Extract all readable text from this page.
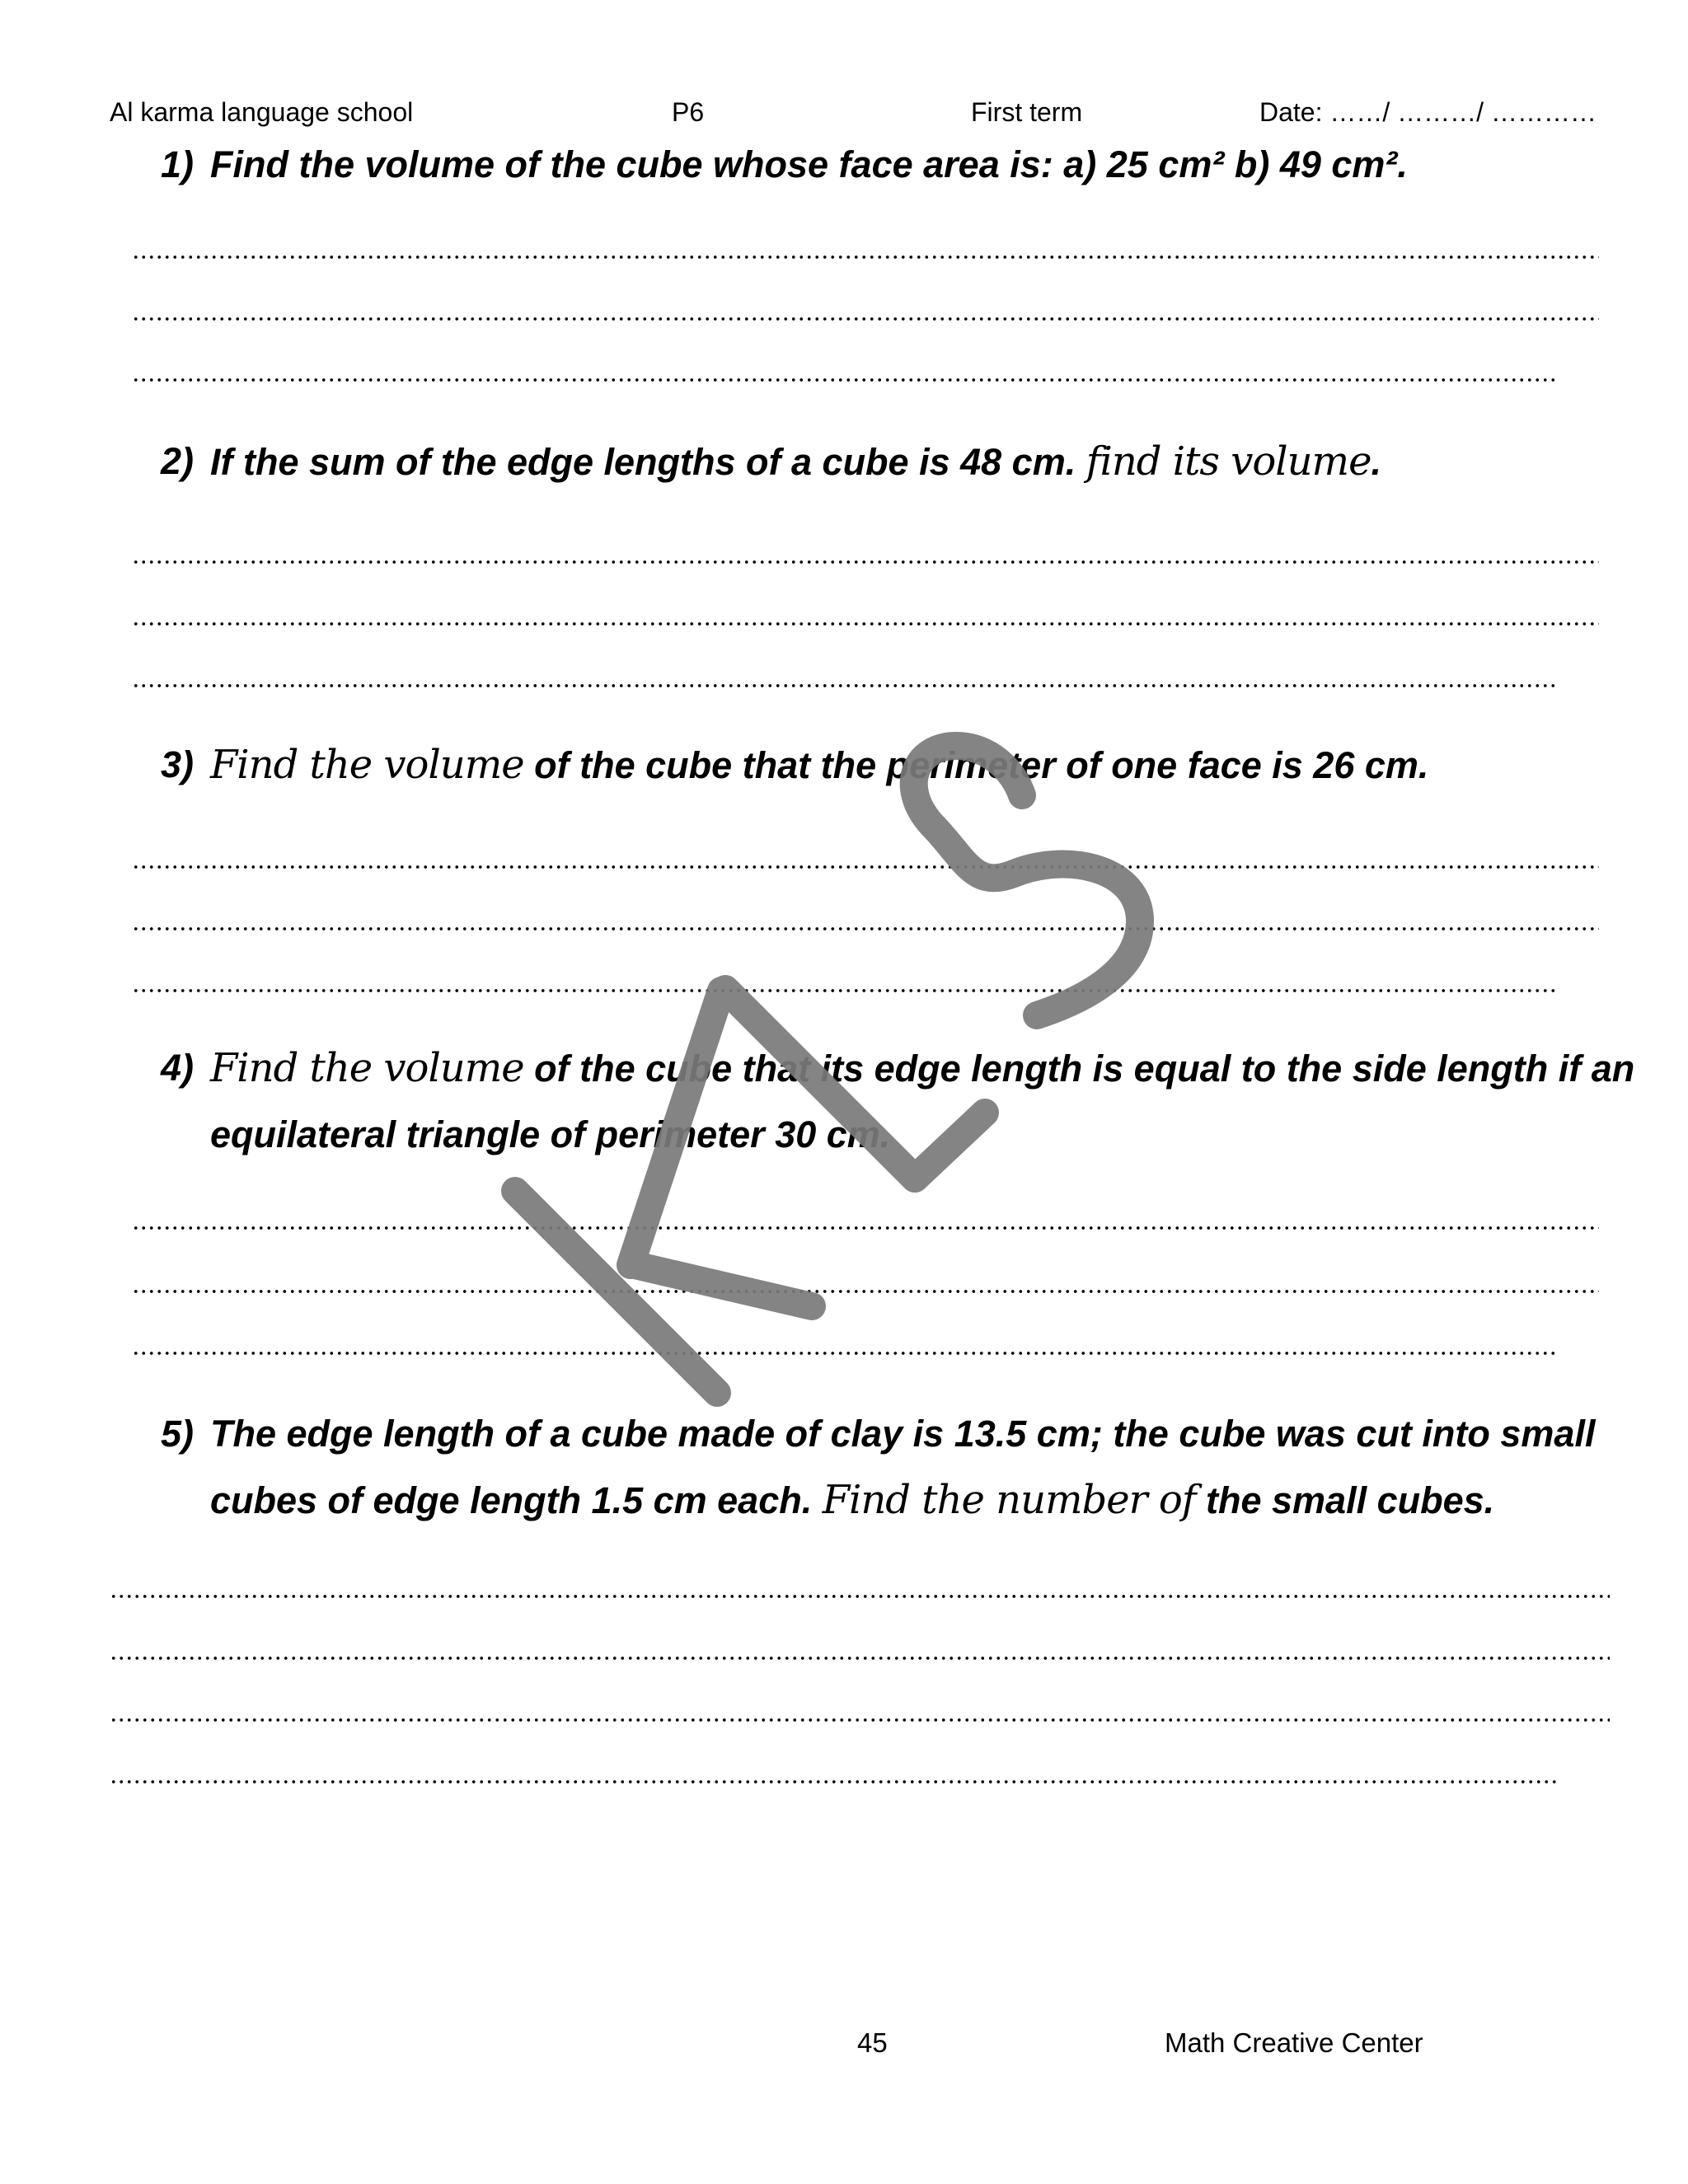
Al karma language school	P6	First term	Date: ……/ ………/ …………
1) Find the volume of the cube whose face area is: a) 25 cm² b) 49 cm².
2) If the sum of the edge lengths of a cube is 48 cm. find its volume.
3) Find the volume of the cube that the perimeter of one face is 26 cm.
4) Find the volume of the cube that its edge length is equal to the side length if an equilateral triangle of perimeter 30 cm.
5) The edge length of a cube made of clay is 13.5 cm; the cube was cut into small cubes of edge length 1.5 cm each. Find the number of the small cubes.
45	Math Creative Center
